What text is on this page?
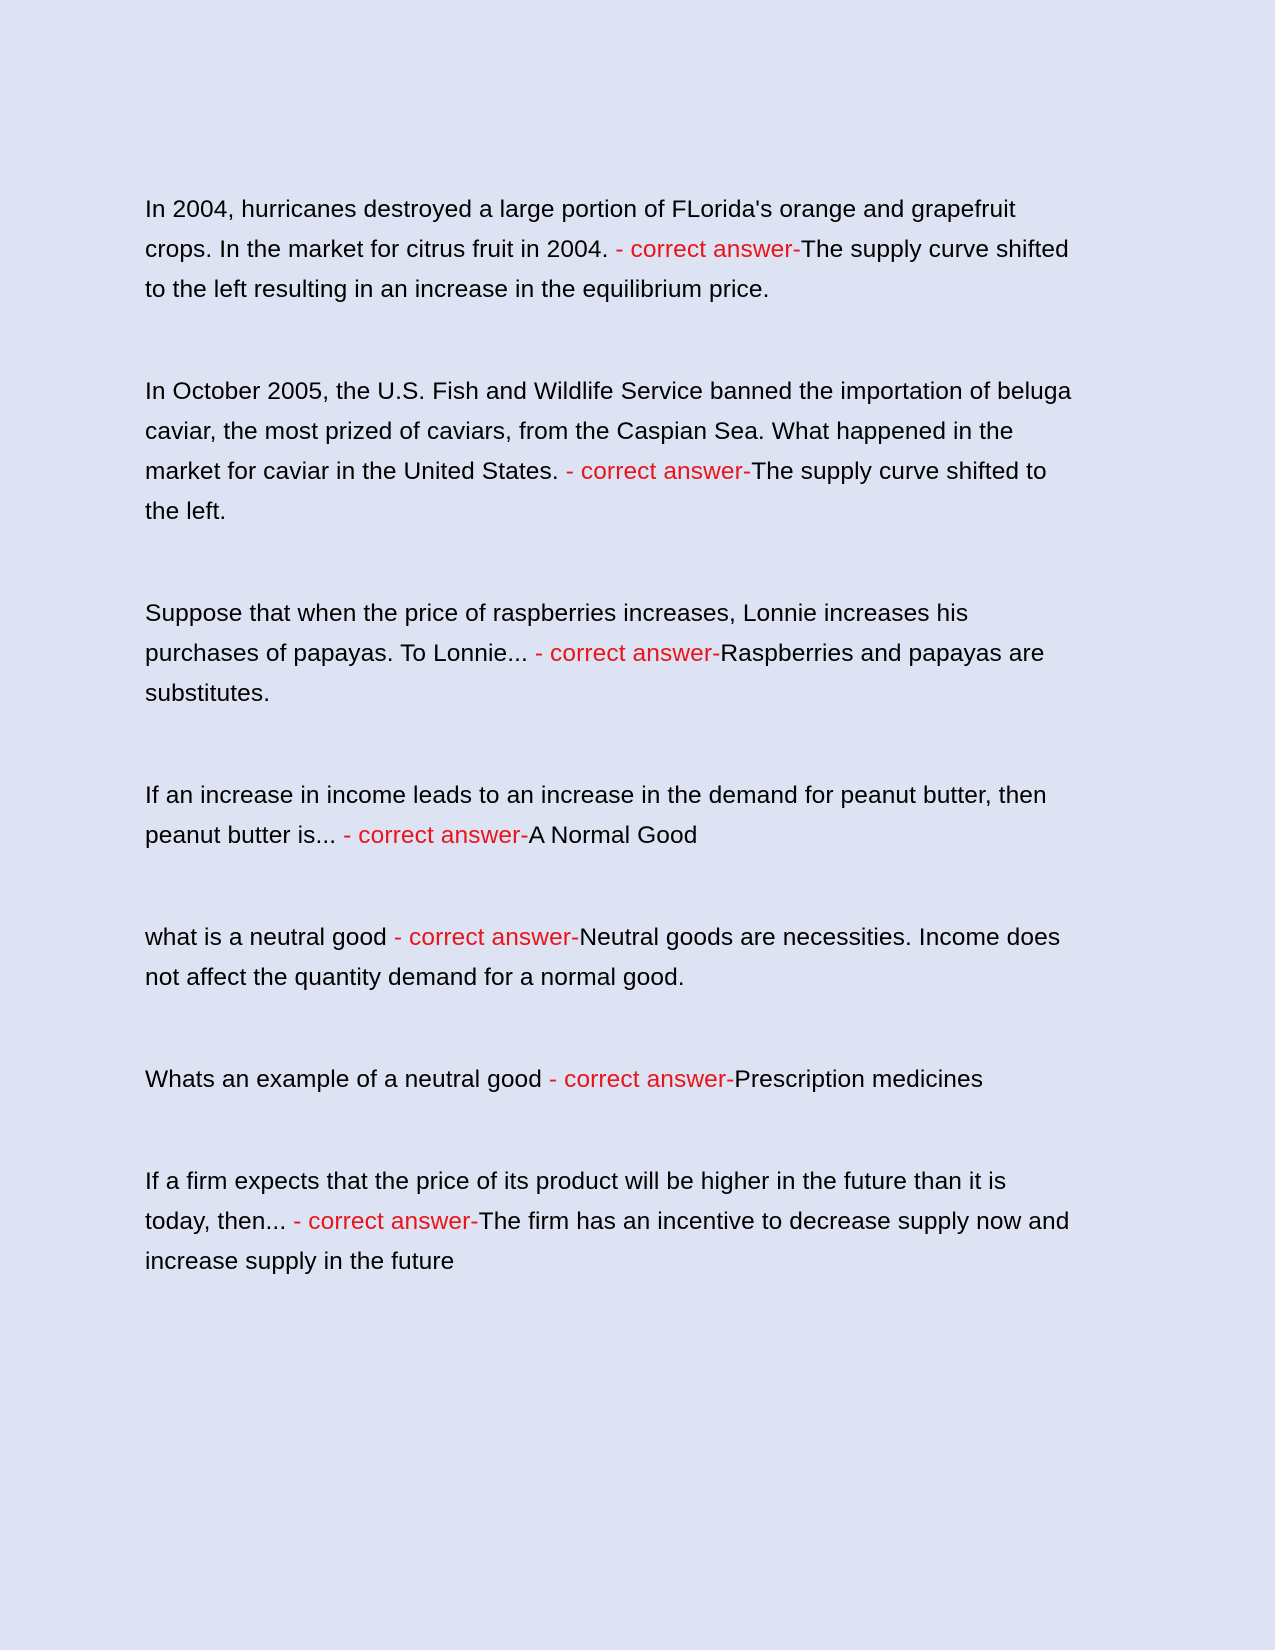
In 2004, hurricanes destroyed a large portion of FLorida's orange and grapefruit crops. In the market for citrus fruit in 2004. - correct answer-The supply curve shifted to the left resulting in an increase in the equilibrium price.

In October 2005, the U.S. Fish and Wildlife Service banned the importation of beluga caviar, the most prized of caviars, from the Caspian Sea. What happened in the market for caviar in the United States. - correct answer-The supply curve shifted to the left.

Suppose that when the price of raspberries increases, Lonnie increases his purchases of papayas. To Lonnie... - correct answer-Raspberries and papayas are substitutes.

If an increase in income leads to an increase in the demand for peanut butter, then peanut butter is... - correct answer-A Normal Good

what is a neutral good - correct answer-Neutral goods are necessities. Income does not affect the quantity demand for a normal good.

Whats an example of a neutral good - correct answer-Prescription medicines

If a firm expects that the price of its product will be higher in the future than it is today, then... - correct answer-The firm has an incentive to decrease supply now and increase supply in the future
